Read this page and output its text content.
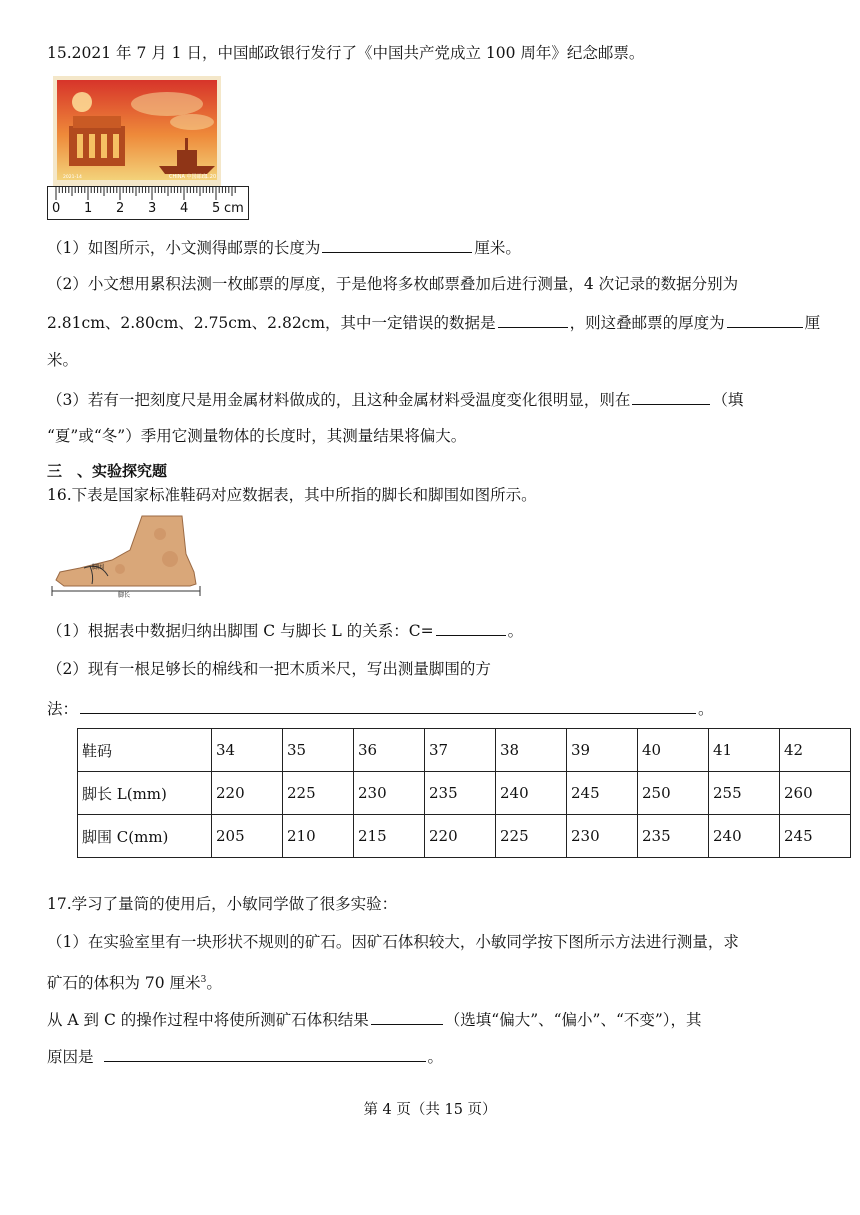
15.2021 年 7 月 1 日，中国邮政银行发行了《中国共产党成立 100 周年》纪念邮票。
CHINA 中国邮政
1.20
2021-14
0 1 2 3 4 5 cm
（1）如图所示，小文测得邮票的长度为	厘米。
（2）小文想用累积法测一枚邮票的厚度，于是他将多枚邮票叠加后进行测量，4 次记录的数据分别为
2.81cm、2.80cm、2.75cm、2.82cm，其中一定错误的数据是	，则这叠邮票的厚度为	厘
米。
（3）若有一把刻度尺是用金属材料做成的，且这种金属材料受温度变化很明显，则在	（填
“夏”或“冬”）季用它测量物体的长度时，其测量结果将偏大。
三　、实验探究题
16.下表是国家标准鞋码对应数据表，其中所指的脚长和脚围如图所示。
脚围
脚长
（1）根据表中数据归纳出脚围 C 与脚长 L 的关系：C=	。
（2）现有一根足够长的棉线和一把木质米尺，写出测量脚围的方
法：	。
鞋码	34	35	36	37	38	39	40	41	42
脚长 L(mm)	220	225	230	235	240	245	250	255	260
脚围 C(mm)	205	210	215	220	225	230	235	240	245
17.学习了量筒的使用后，小敏同学做了很多实验：
（1）在实验室里有一块形状不规则的矿石。因矿石体积较大，小敏同学按下图所示方法进行测量，求
矿石的体积为 70 厘米$^3$。
从 A 到 C 的操作过程中将使所测矿石体积结果	（选填“偏大”、“偏小”、“不变”），其
原因是	。
第 4 页（共 15 页）
